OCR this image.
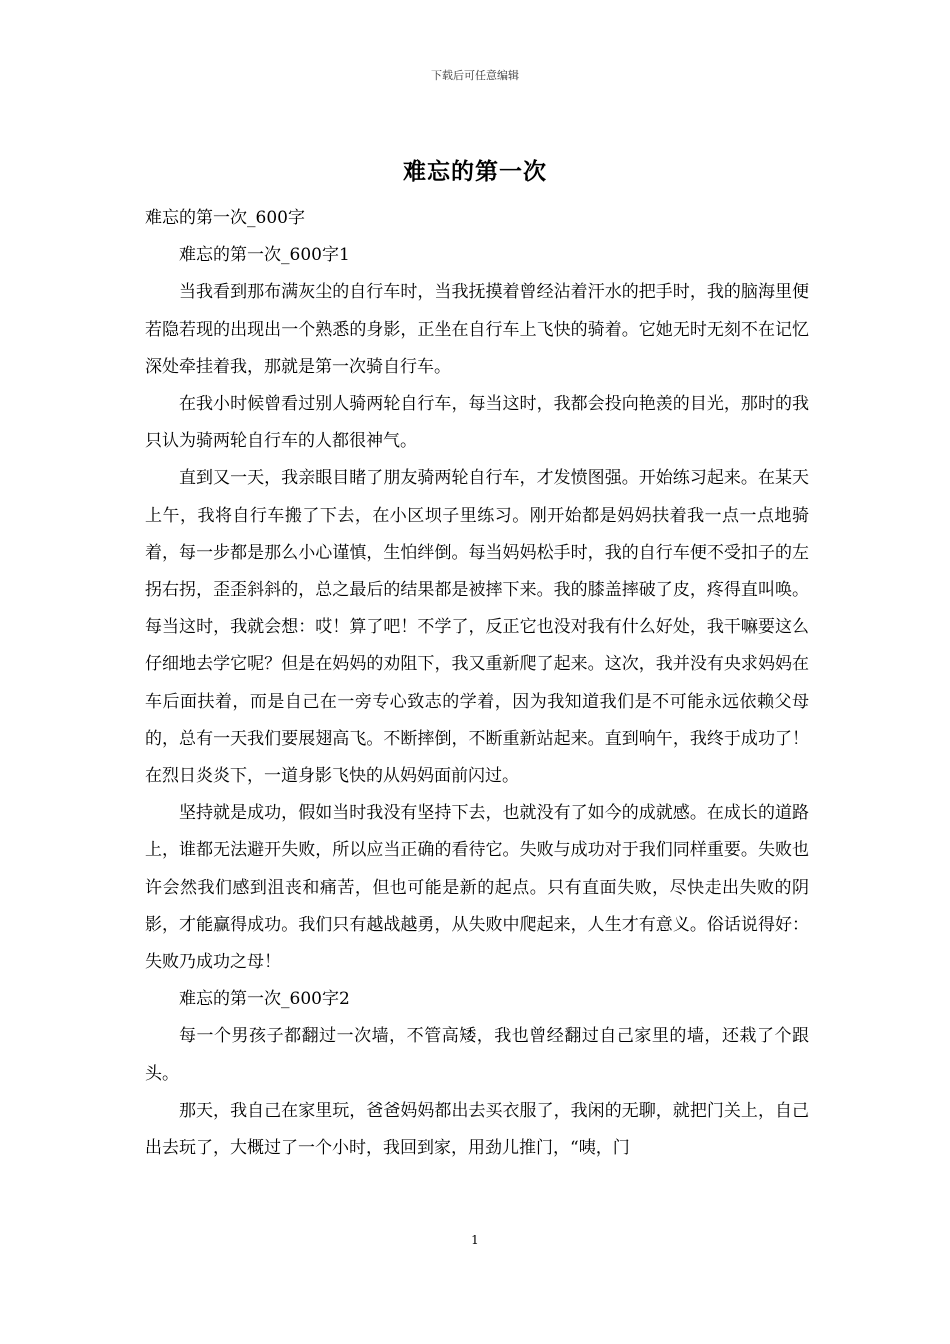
下载后可任意编辑
难忘的第一次

难忘的第一次_600字

难忘的第一次_600字1

当我看到那布满灰尘的自行车时，当我抚摸着曾经沾着汗水的把手时，我的脑海里便若隐若现的出现出一个熟悉的身影，正坐在自行车上飞快的骑着。它她无时无刻不在记忆深处牵挂着我，那就是第一次骑自行车。

在我小时候曾看过别人骑两轮自行车，每当这时，我都会投向艳羡的目光，那时的我只认为骑两轮自行车的人都很神气。

直到又一天，我亲眼目睹了朋友骑两轮自行车，才发愤图强。开始练习起来。在某天上午，我将自行车搬了下去，在小区坝子里练习。刚开始都是妈妈扶着我一点一点地骑着，每一步都是那么小心谨慎，生怕绊倒。每当妈妈松手时，我的自行车便不受扣子的左拐右拐，歪歪斜斜的，总之最后的结果都是被摔下来。我的膝盖摔破了皮，疼得直叫唤。每当这时，我就会想：哎！算了吧！不学了，反正它也没对我有什么好处，我干嘛要这么仔细地去学它呢？但是在妈妈的劝阻下，我又重新爬了起来。这次，我并没有央求妈妈在车后面扶着，而是自己在一旁专心致志的学着，因为我知道我们是不可能永远依赖父母的，总有一天我们要展翅高飞。不断摔倒，不断重新站起来。直到响午，我终于成功了！在烈日炎炎下，一道身影飞快的从妈妈面前闪过。

坚持就是成功，假如当时我没有坚持下去，也就没有了如今的成就感。在成长的道路上，谁都无法避开失败，所以应当正确的看待它。失败与成功对于我们同样重要。失败也许会然我们感到沮丧和痛苦，但也可能是新的起点。只有直面失败，尽快走出失败的阴影，才能赢得成功。我们只有越战越勇，从失败中爬起来，人生才有意义。俗话说得好：失败乃成功之母！

难忘的第一次_600字2

每一个男孩子都翻过一次墙，不管高矮，我也曾经翻过自己家里的墙，还栽了个跟头。

那天，我自己在家里玩，爸爸妈妈都出去买衣服了，我闲的无聊，就把门关上，自己出去玩了，大概过了一个小时，我回到家，用劲儿推门，“咦，门

1
